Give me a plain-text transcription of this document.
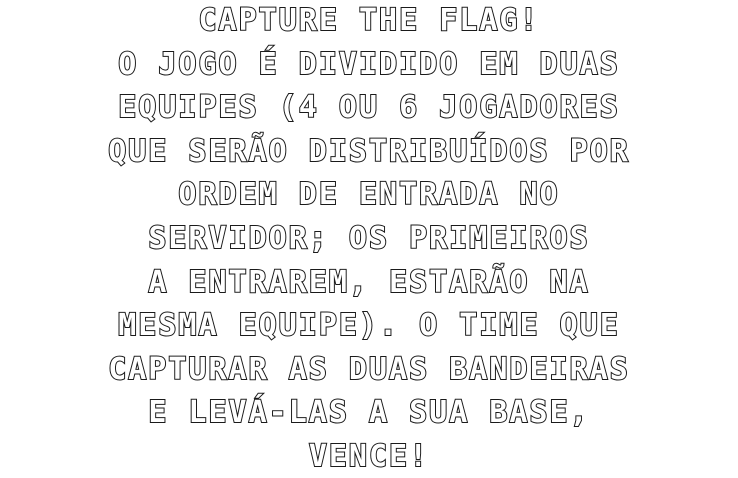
CAPTURE THE FLAG!
O JOGO É DIVIDIDO EM DUAS
EQUIPES (4 OU 6 JOGADORES
QUE SERÃO DISTRIBUÍDOS POR
ORDEM DE ENTRADA NO
SERVIDOR; OS PRIMEIROS
A ENTRAREM, ESTARÃO NA
MESMA EQUIPE). O TIME QUE
CAPTURAR AS DUAS BANDEIRAS
E LEVÁ-LAS A SUA BASE,
VENCE!
